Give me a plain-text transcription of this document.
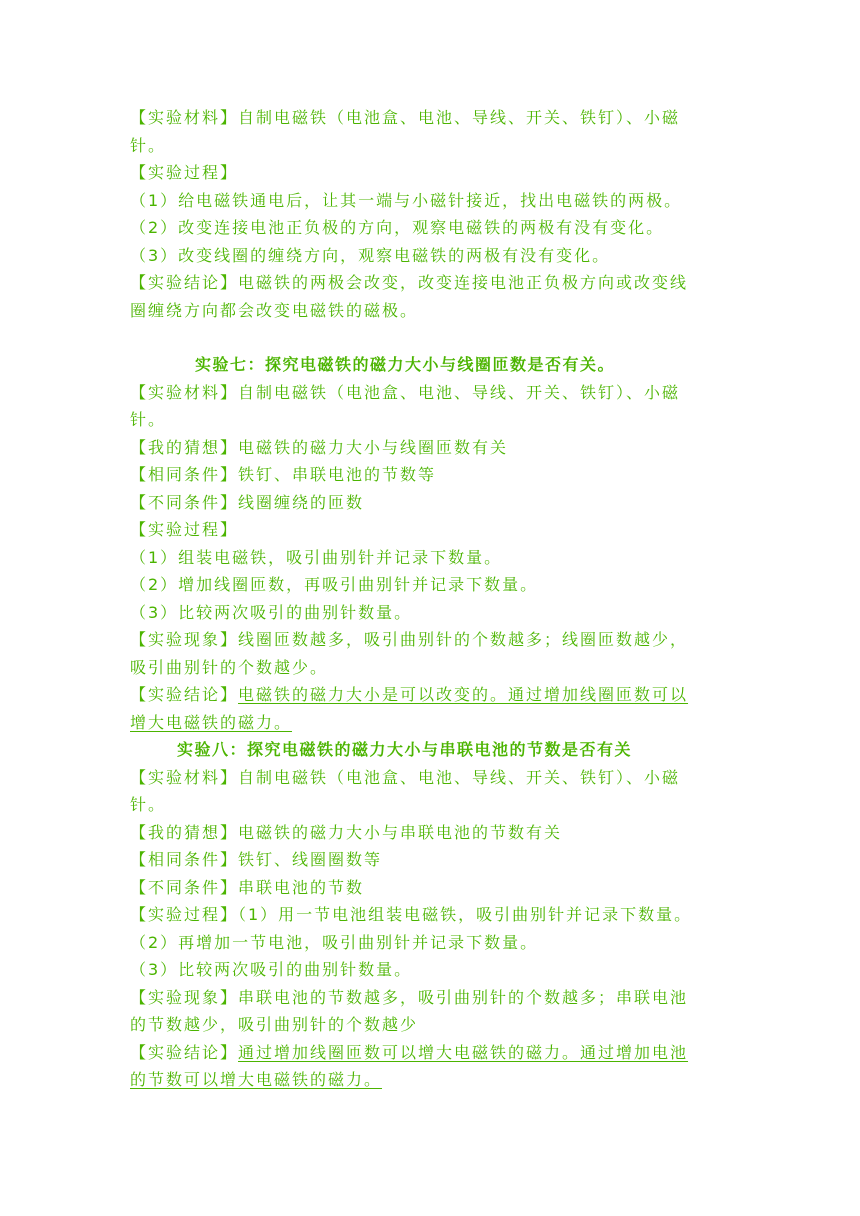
【实验材料】自制电磁铁（电池盒、电池、导线、开关、铁钉）、小磁
针。
【实验过程】
（1）给电磁铁通电后，让其一端与小磁针接近，找出电磁铁的两极。
（2）改变连接电池正负极的方向，观察电磁铁的两极有没有变化。
（3）改变线圈的缠绕方向，观察电磁铁的两极有没有变化。
【实验结论】电磁铁的两极会改变，改变连接电池正负极方向或改变线
圈缠绕方向都会改变电磁铁的磁极。
实验七：探究电磁铁的磁力大小与线圈匝数是否有关。
【实验材料】自制电磁铁（电池盒、电池、导线、开关、铁钉）、小磁
针。
【我的猜想】电磁铁的磁力大小与线圈匝数有关
【相同条件】铁钉、串联电池的节数等
【不同条件】线圈缠绕的匝数
【实验过程】
（1）组装电磁铁，吸引曲别针并记录下数量。
（2）增加线圈匝数，再吸引曲别针并记录下数量。
（3）比较两次吸引的曲别针数量。
【实验现象】线圈匝数越多，吸引曲别针的个数越多；线圈匝数越少，
吸引曲别针的个数越少。
【实验结论】电磁铁的磁力大小是可以改变的。通过增加线圈匝数可以
增大电磁铁的磁力。
实验八：探究电磁铁的磁力大小与串联电池的节数是否有关
【实验材料】自制电磁铁（电池盒、电池、导线、开关、铁钉）、小磁
针。
【我的猜想】电磁铁的磁力大小与串联电池的节数有关
【相同条件】铁钉、线圈圈数等
【不同条件】串联电池的节数
【实验过程】（1）用一节电池组装电磁铁，吸引曲别针并记录下数量。
（2）再增加一节电池，吸引曲别针并记录下数量。
（3）比较两次吸引的曲别针数量。
【实验现象】串联电池的节数越多，吸引曲别针的个数越多；串联电池
的节数越少，吸引曲别针的个数越少
【实验结论】通过增加线圈匝数可以增大电磁铁的磁力。通过增加电池
的节数可以增大电磁铁的磁力。
